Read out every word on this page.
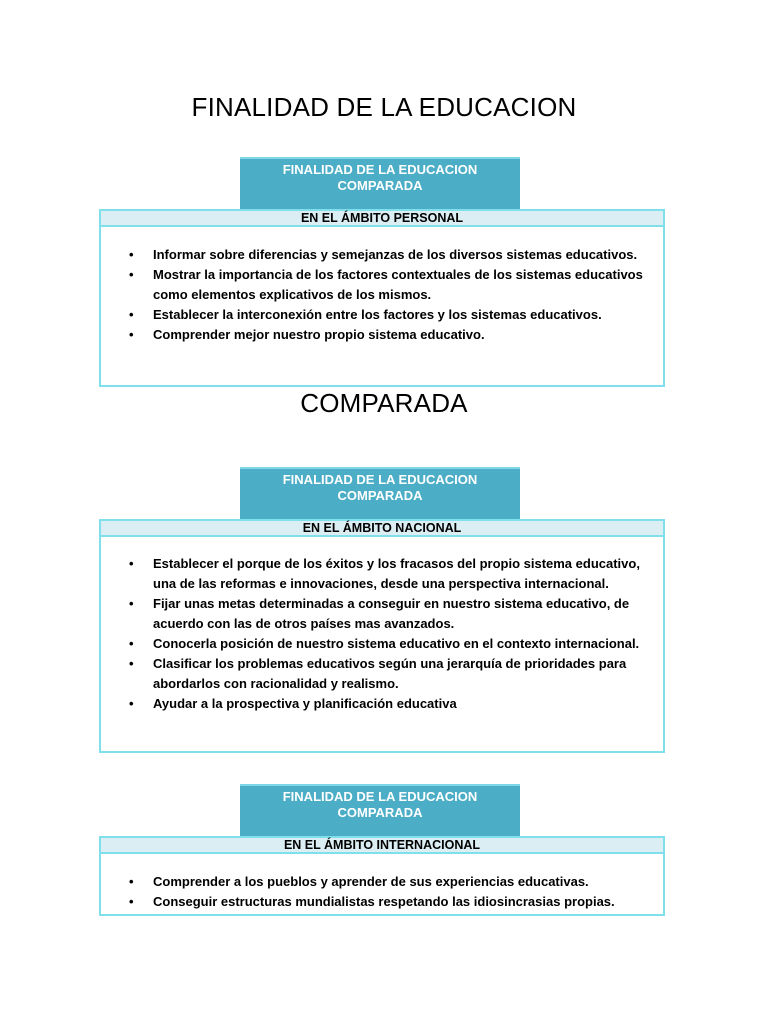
FINALIDAD DE LA EDUCACION
COMPARADA
FINALIDAD DE LA EDUCACION
COMPARADA
EN EL ÁMBITO PERSONAL
• Informar sobre diferencias y semejanzas de los diversos sistemas educativos.
• Mostrar la importancia de los factores contextuales de los sistemas educativos como elementos explicativos de los mismos.
• Establecer la interconexión entre los factores y los sistemas educativos.
• Comprender mejor nuestro propio sistema educativo.
FINALIDAD DE LA EDUCACION
COMPARADA
EN EL ÁMBITO NACIONAL
• Establecer el porque de los éxitos y los fracasos del propio sistema educativo, una de las reformas e innovaciones, desde una perspectiva internacional.
• Fijar unas metas determinadas a conseguir en nuestro sistema educativo, de acuerdo con las de otros países mas avanzados.
• Conocerla posición de nuestro sistema educativo en el contexto internacional.
• Clasificar los problemas educativos según una jerarquía de prioridades para abordarlos con racionalidad y realismo.
• Ayudar a la prospectiva y planificación educativa
FINALIDAD DE LA EDUCACION
COMPARADA
EN EL ÁMBITO INTERNACIONAL
• Comprender a los pueblos y aprender de sus experiencias educativas.
• Conseguir estructuras mundialistas respetando las idiosincrasias propias.
